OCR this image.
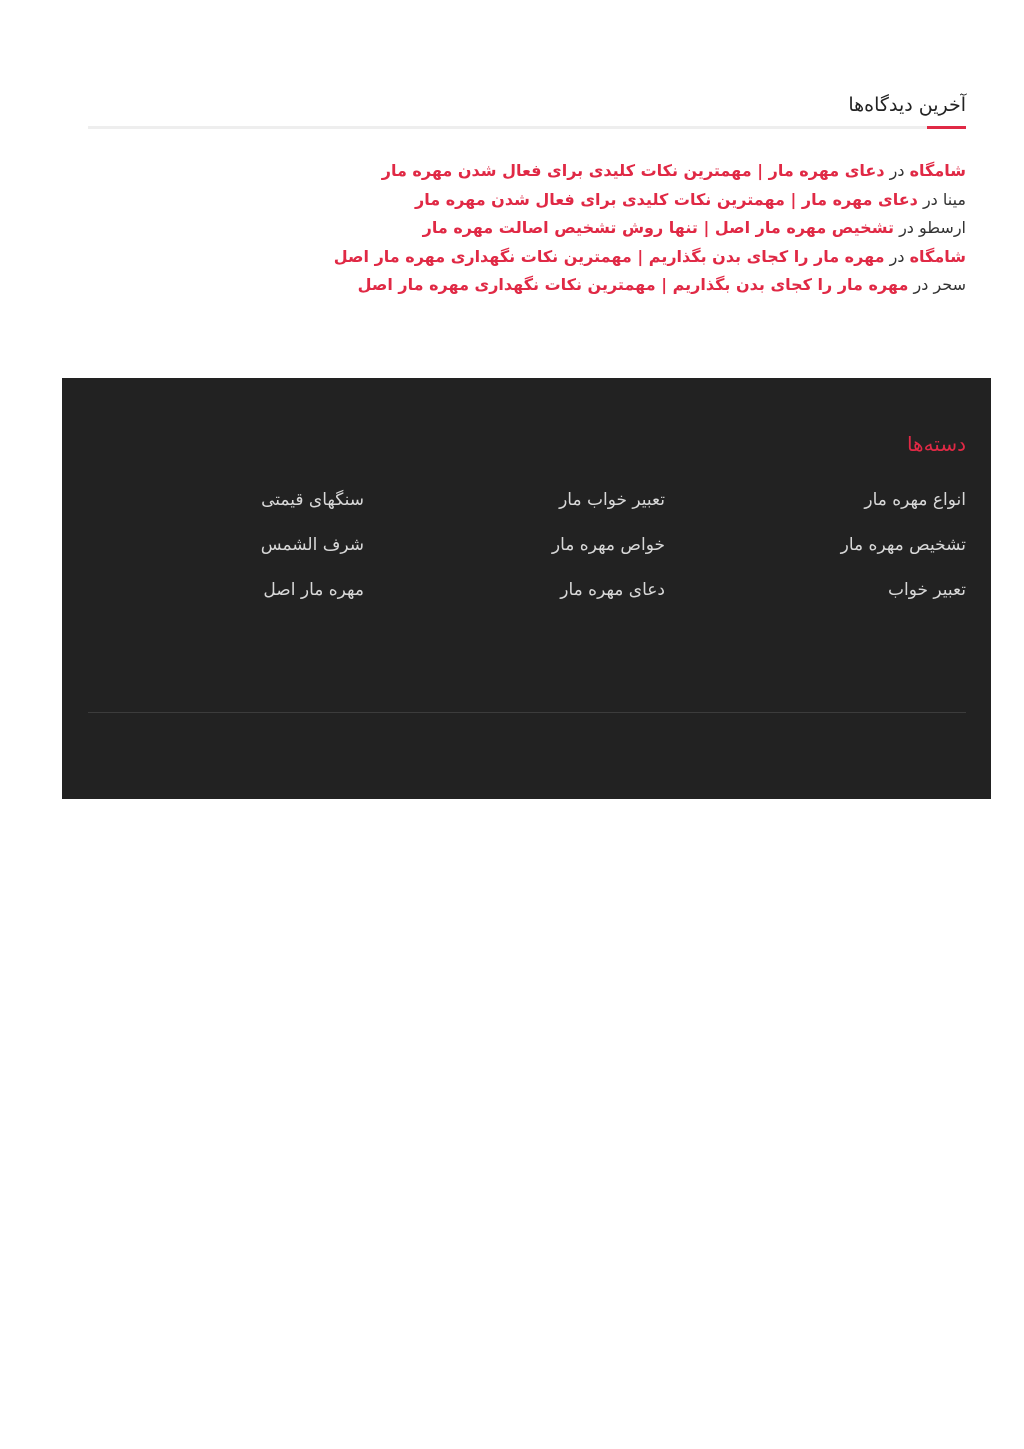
آخرین دیدگاه‌ها
شامگاه در دعای مهره مار | مهمترین نکات کلیدی برای فعال شدن مهره مار
مینا در دعای مهره مار | مهمترین نکات کلیدی برای فعال شدن مهره مار
ارسطو در تشخیص مهره مار اصل | تنها روش تشخیص اصالت مهره مار
شامگاه در مهره مار را کجای بدن بگذاریم | مهمترین نکات نگهداری مهره مار اصل
سحر در مهره مار را کجای بدن بگذاریم | مهمترین نکات نگهداری مهره مار اصل
دسته‌ها
انواع مهره مار
تعبیر خواب مار
سنگهای قیمتی
تشخیص مهره مار
خواص مهره مار
شرف الشمس
تعبیر خواب
دعای مهره مار
مهره مار اصل
